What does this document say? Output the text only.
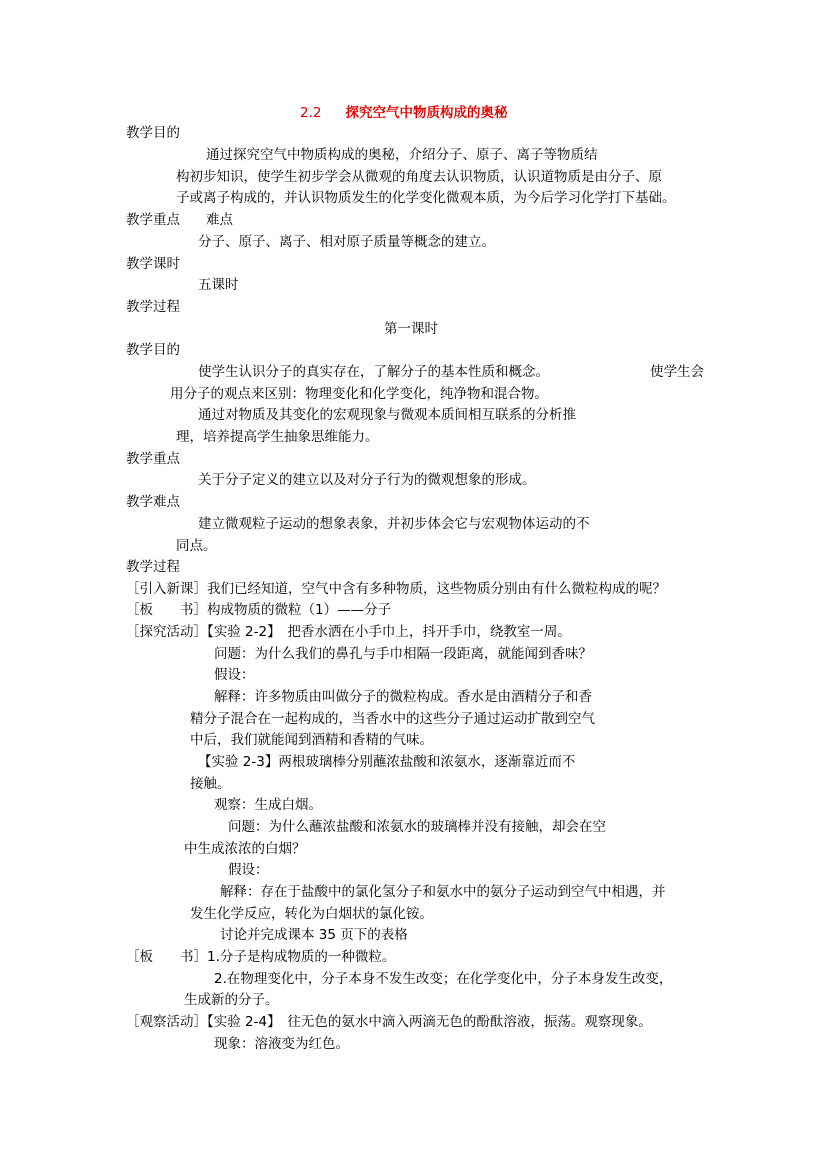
2.2 探究空气中物质构成的奥秘
教学目的
通过探究空气中物质构成的奥秘，介绍分子、原子、离子等物质结
构初步知识，使学生初步学会从微观的角度去认识物质，认识道物质是由分子、原
子或离子构成的，并认识物质发生的化学变化微观本质，为今后学习化学打下基础。
教学重点 难点
分子、原子、离子、相对原子质量等概念的建立。
教学课时
五课时
教学过程
第一课时
教学目的
使学生认识分子的真实存在，了解分子的基本性质和概念。	使学生会
用分子的观点来区别：物理变化和化学变化，纯净物和混合物。
通过对物质及其变化的宏观现象与微观本质间相互联系的分析推
理，培养提高学生抽象思维能力。
教学重点
关于分子定义的建立以及对分子行为的微观想象的形成。
教学难点
建立微观粒子运动的想象表象，并初步体会它与宏观物体运动的不
同点。
教学过程
［引入新课］我们已经知道，空气中含有多种物质，这些物质分别由有什么微粒构成的呢？
［板　　书］构成物质的微粒（1）——分子
［探究活动］【实验 2-2】　把香水洒在小手巾上，抖开手巾，绕教室一周。
问题：为什么我们的鼻孔与手巾相隔一段距离，就能闻到香味？
假设：
解释：许多物质由叫做分子的微粒构成。香水是由酒精分子和香
精分子混合在一起构成的，当香水中的这些分子通过运动扩散到空气
中后，我们就能闻到酒精和香精的气味。
【实验 2-3】两根玻璃棒分别蘸浓盐酸和浓氨水，逐渐靠近而不
接触。
观察：生成白烟。
问题：为什么蘸浓盐酸和浓氨水的玻璃棒并没有接触，却会在空
中生成浓浓的白烟？
假设：
解释：存在于盐酸中的氯化氢分子和氨水中的氨分子运动到空气中相遇，并
发生化学反应，转化为白烟状的氯化铵。
讨论并完成课本 35 页下的表格
［板　　书］1.分子是构成物质的一种微粒。
2.在物理变化中，分子本身不发生改变；在化学变化中，分子本身发生改变，
生成新的分子。
［观察活动］【实验 2-4】　往无色的氨水中滴入两滴无色的酚酞溶液，振荡。观察现象。
现象：溶液变为红色。
